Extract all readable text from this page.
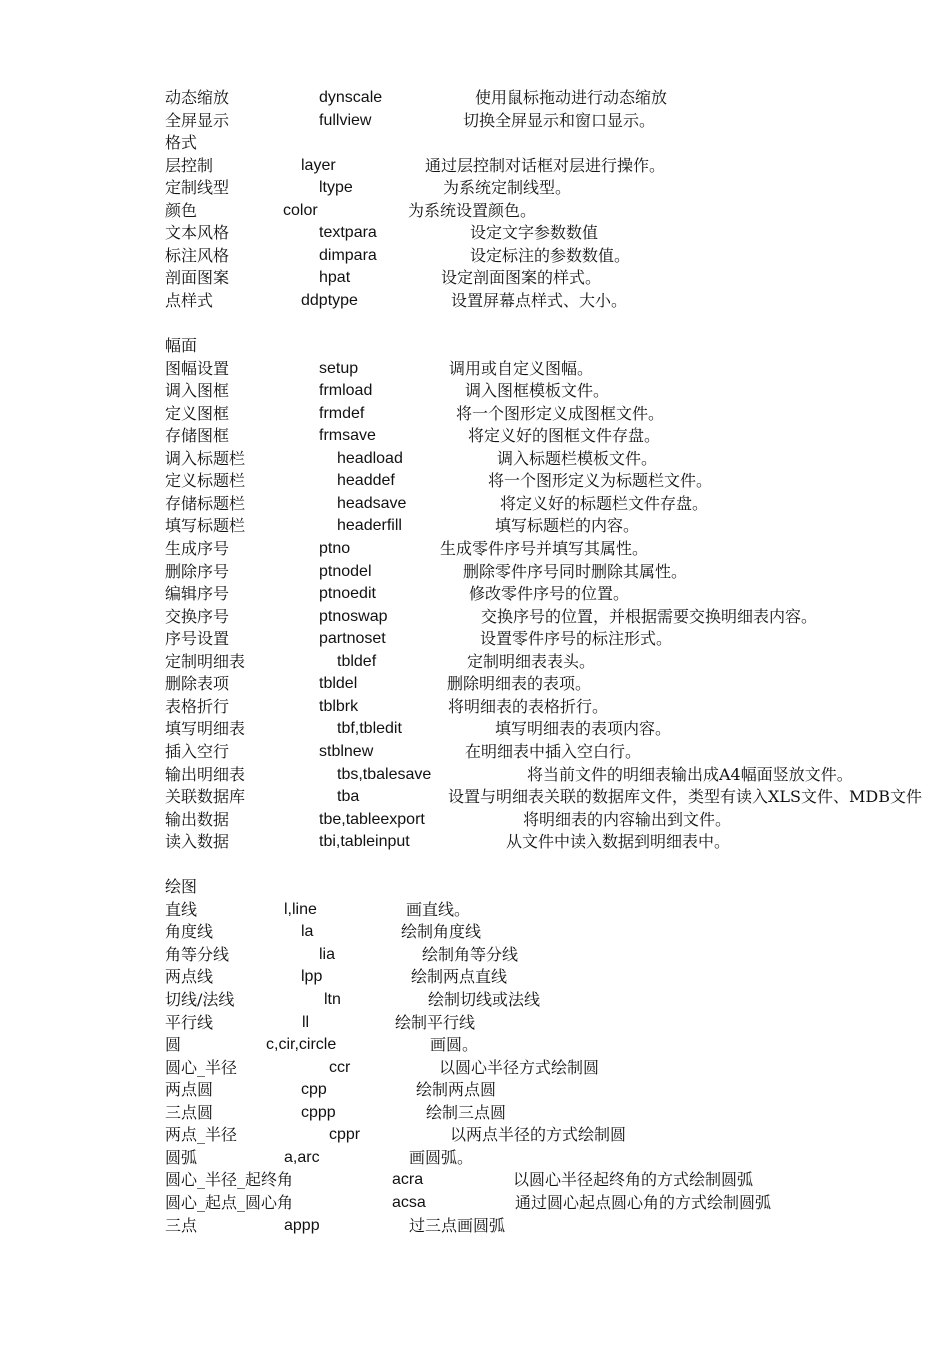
动态缩放	dynscale	使用鼠标拖动进行动态缩放
全屏显示	fullview	切换全屏显示和窗口显示。
格式
层控制	layer	通过层控制对话框对层进行操作。
定制线型	ltype	为系统定制线型。
颜色	color	为系统设置颜色。
文本风格	textpara	设定文字参数数值
标注风格	dimpara	设定标注的参数数值。
剖面图案	hpat	设定剖面图案的样式。
点样式	ddptype	设置屏幕点样式、大小。
幅面
图幅设置	setup	调用或自定义图幅。
调入图框	frmload	调入图框模板文件。
定义图框	frmdef	将一个图形定义成图框文件。
存储图框	frmsave	将定义好的图框文件存盘。
调入标题栏	headload	调入标题栏模板文件。
定义标题栏	headdef	将一个图形定义为标题栏文件。
存储标题栏	headsave	将定义好的标题栏文件存盘。
填写标题栏	headerfill	填写标题栏的内容。
生成序号	ptno	生成零件序号并填写其属性。
删除序号	ptnodel	删除零件序号同时删除其属性。
编辑序号	ptnoedit	修改零件序号的位置。
交换序号	ptnoswap	交换序号的位置，并根据需要交换明细表内容。
序号设置	partnoset	设置零件序号的标注形式。
定制明细表	tbldef	定制明细表表头。
删除表项	tbldel	删除明细表的表项。
表格折行	tblbrk	将明细表的表格折行。
填写明细表	tbf,tbledit	填写明细表的表项内容。
插入空行	stblnew	在明细表中插入空白行。
输出明细表	tbs,tbalesave	将当前文件的明细表输出成A4幅面竖放文件。
关联数据库	tba	设置与明细表关联的数据库文件，类型有读入XLS文件、MDB文件
输出数据	tbe,tableexport	将明细表的内容输出到文件。
读入数据	tbi,tableinput	从文件中读入数据到明细表中。
绘图
直线	l,line	画直线。
角度线	la	绘制角度线
角等分线	lia	绘制角等分线
两点线	lpp	绘制两点直线
切线/法线	ltn	绘制切线或法线
平行线	ll	绘制平行线
圆	c,cir,circle	画圆。
圆心_半径	ccr	以圆心半径方式绘制圆
两点圆	cpp	绘制两点圆
三点圆	cppp	绘制三点圆
两点_半径	cppr	以两点半径的方式绘制圆
圆弧	a,arc	画圆弧。
圆心_半径_起终角	acra	以圆心半径起终角的方式绘制圆弧
圆心_起点_圆心角	acsa	通过圆心起点圆心角的方式绘制圆弧
三点	appp	过三点画圆弧
